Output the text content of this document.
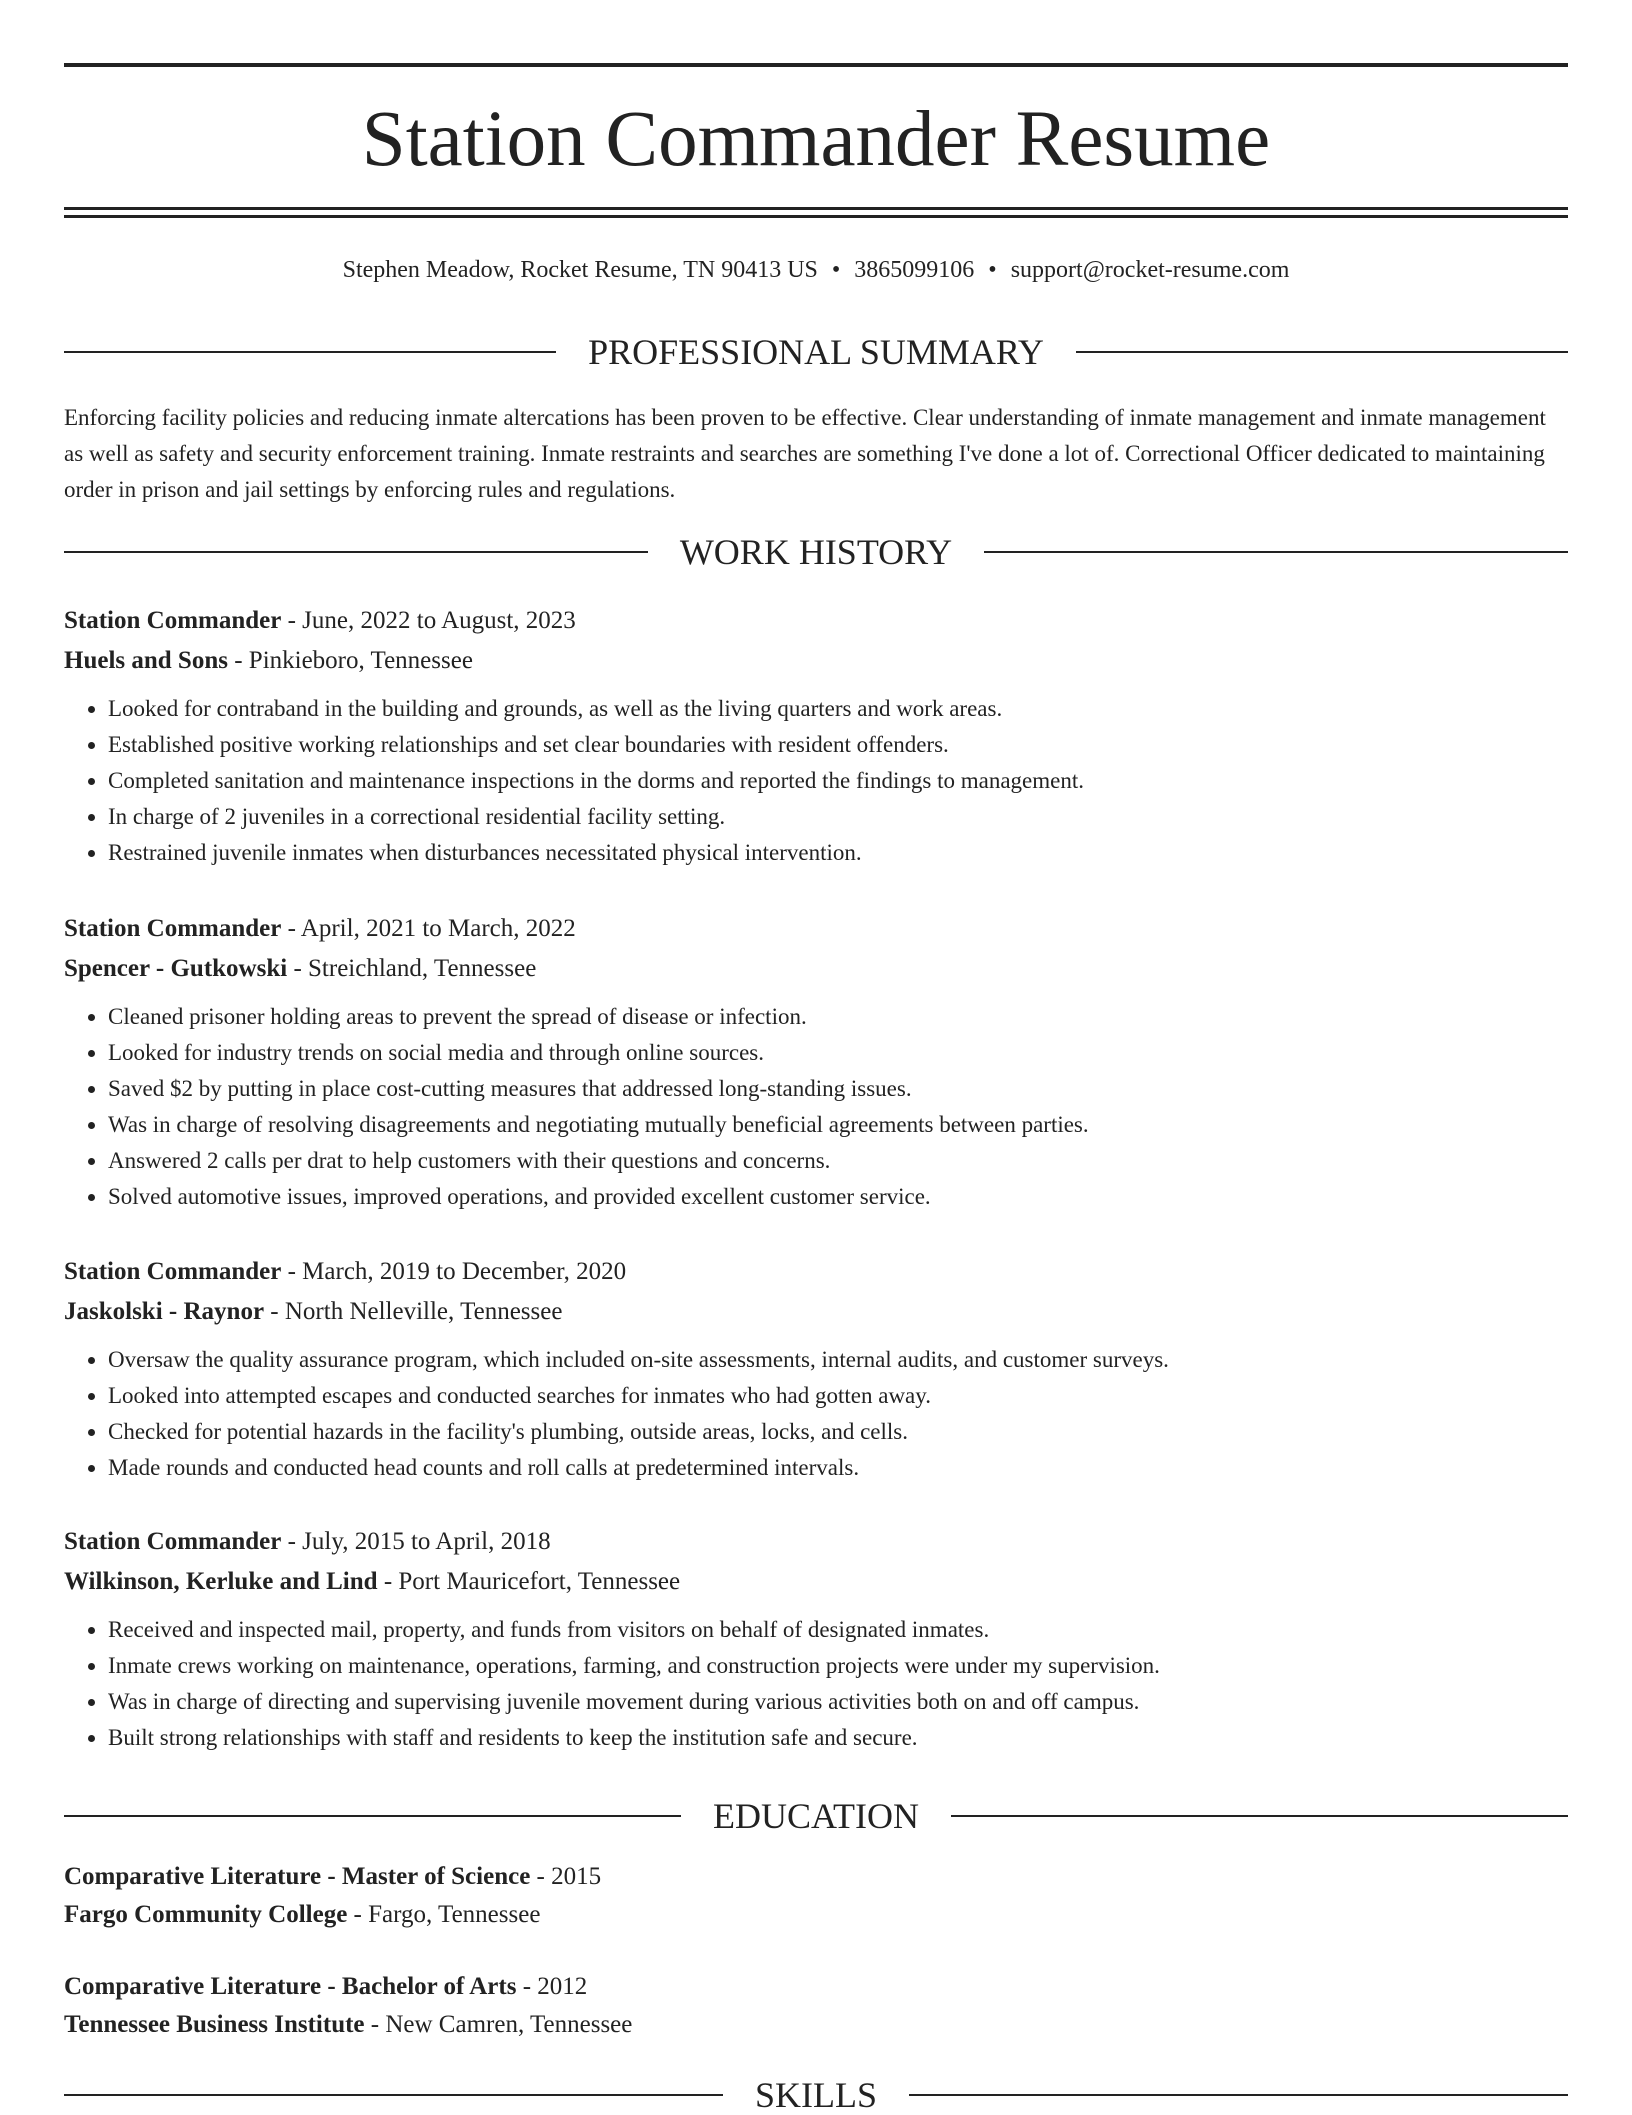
Station Commander Resume
Stephen Meadow, Rocket Resume, TN 90413 US • 3865099106 • support@rocket-resume.com
PROFESSIONAL SUMMARY

Enforcing facility policies and reducing inmate altercations has been proven to be effective. Clear understanding of inmate management and inmate management as well as safety and security enforcement training. Inmate restraints and searches are something I've done a lot of. Correctional Officer dedicated to maintaining order in prison and jail settings by enforcing rules and regulations.

WORK HISTORY
Station Commander - June, 2022 to August, 2023
Huels and Sons - Pinkieboro, Tennessee
• Looked for contraband in the building and grounds, as well as the living quarters and work areas.
• Established positive working relationships and set clear boundaries with resident offenders.
• Completed sanitation and maintenance inspections in the dorms and reported the findings to management.
• In charge of 2 juveniles in a correctional residential facility setting.
• Restrained juvenile inmates when disturbances necessitated physical intervention.
Station Commander - April, 2021 to March, 2022
Spencer - Gutkowski - Streichland, Tennessee
• Cleaned prisoner holding areas to prevent the spread of disease or infection.
• Looked for industry trends on social media and through online sources.
• Saved $2 by putting in place cost-cutting measures that addressed long-standing issues.
• Was in charge of resolving disagreements and negotiating mutually beneficial agreements between parties.
• Answered 2 calls per drat to help customers with their questions and concerns.
• Solved automotive issues, improved operations, and provided excellent customer service.
Station Commander - March, 2019 to December, 2020
Jaskolski - Raynor - North Nelleville, Tennessee
• Oversaw the quality assurance program, which included on-site assessments, internal audits, and customer surveys.
• Looked into attempted escapes and conducted searches for inmates who had gotten away.
• Checked for potential hazards in the facility's plumbing, outside areas, locks, and cells.
• Made rounds and conducted head counts and roll calls at predetermined intervals.
Station Commander - July, 2015 to April, 2018
Wilkinson, Kerluke and Lind - Port Mauricefort, Tennessee
• Received and inspected mail, property, and funds from visitors on behalf of designated inmates.
• Inmate crews working on maintenance, operations, farming, and construction projects were under my supervision.
• Was in charge of directing and supervising juvenile movement during various activities both on and off campus.
• Built strong relationships with staff and residents to keep the institution safe and secure.
EDUCATION
Comparative Literature - Master of Science - 2015
Fargo Community College - Fargo, Tennessee
Comparative Literature - Bachelor of Arts - 2012
Tennessee Business Institute - New Camren, Tennessee
SKILLS
